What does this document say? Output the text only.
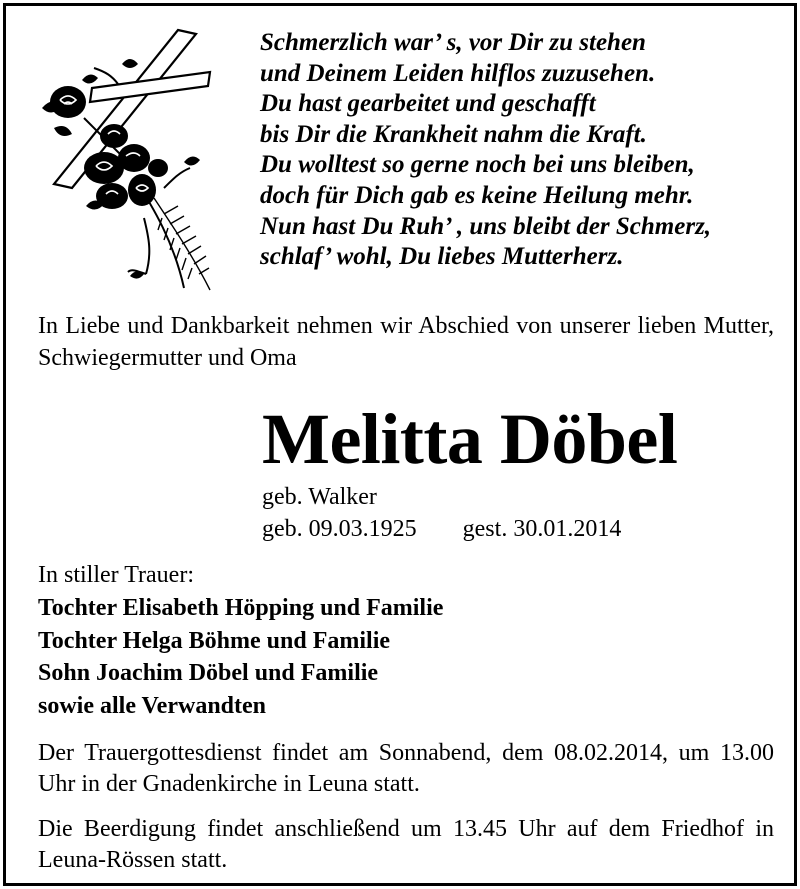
Schmerzlich war’ s, vor Dir zu stehen
und Deinem Leiden hilflos zuzusehen.
Du hast gearbeitet und geschafft
bis Dir die Krankheit nahm die Kraft.
Du wolltest so gerne noch bei uns bleiben,
doch für Dich gab es keine Heilung mehr.
Nun hast Du Ruh’ , uns bleibt der Schmerz,
schlaf’ wohl, Du liebes Mutterherz.
In Liebe und Dankbarkeit nehmen wir Abschied von unserer lieben Mutter, Schwiegermutter und Oma
Melitta Döbel
geb. Walker
geb. 09.03.1925 gest. 30.01.2014
In stiller Trauer:
Tochter Elisabeth Höpping und Familie
Tochter Helga Böhme und Familie
Sohn Joachim Döbel und Familie
sowie alle Verwandten
Der Trauergottesdienst findet am Sonnabend, dem 08.02.2014, um 13.00 Uhr in der Gnadenkirche in Leuna statt.
Die Beerdigung findet anschließend um 13.45 Uhr auf dem Friedhof in Leuna-Rössen statt.
